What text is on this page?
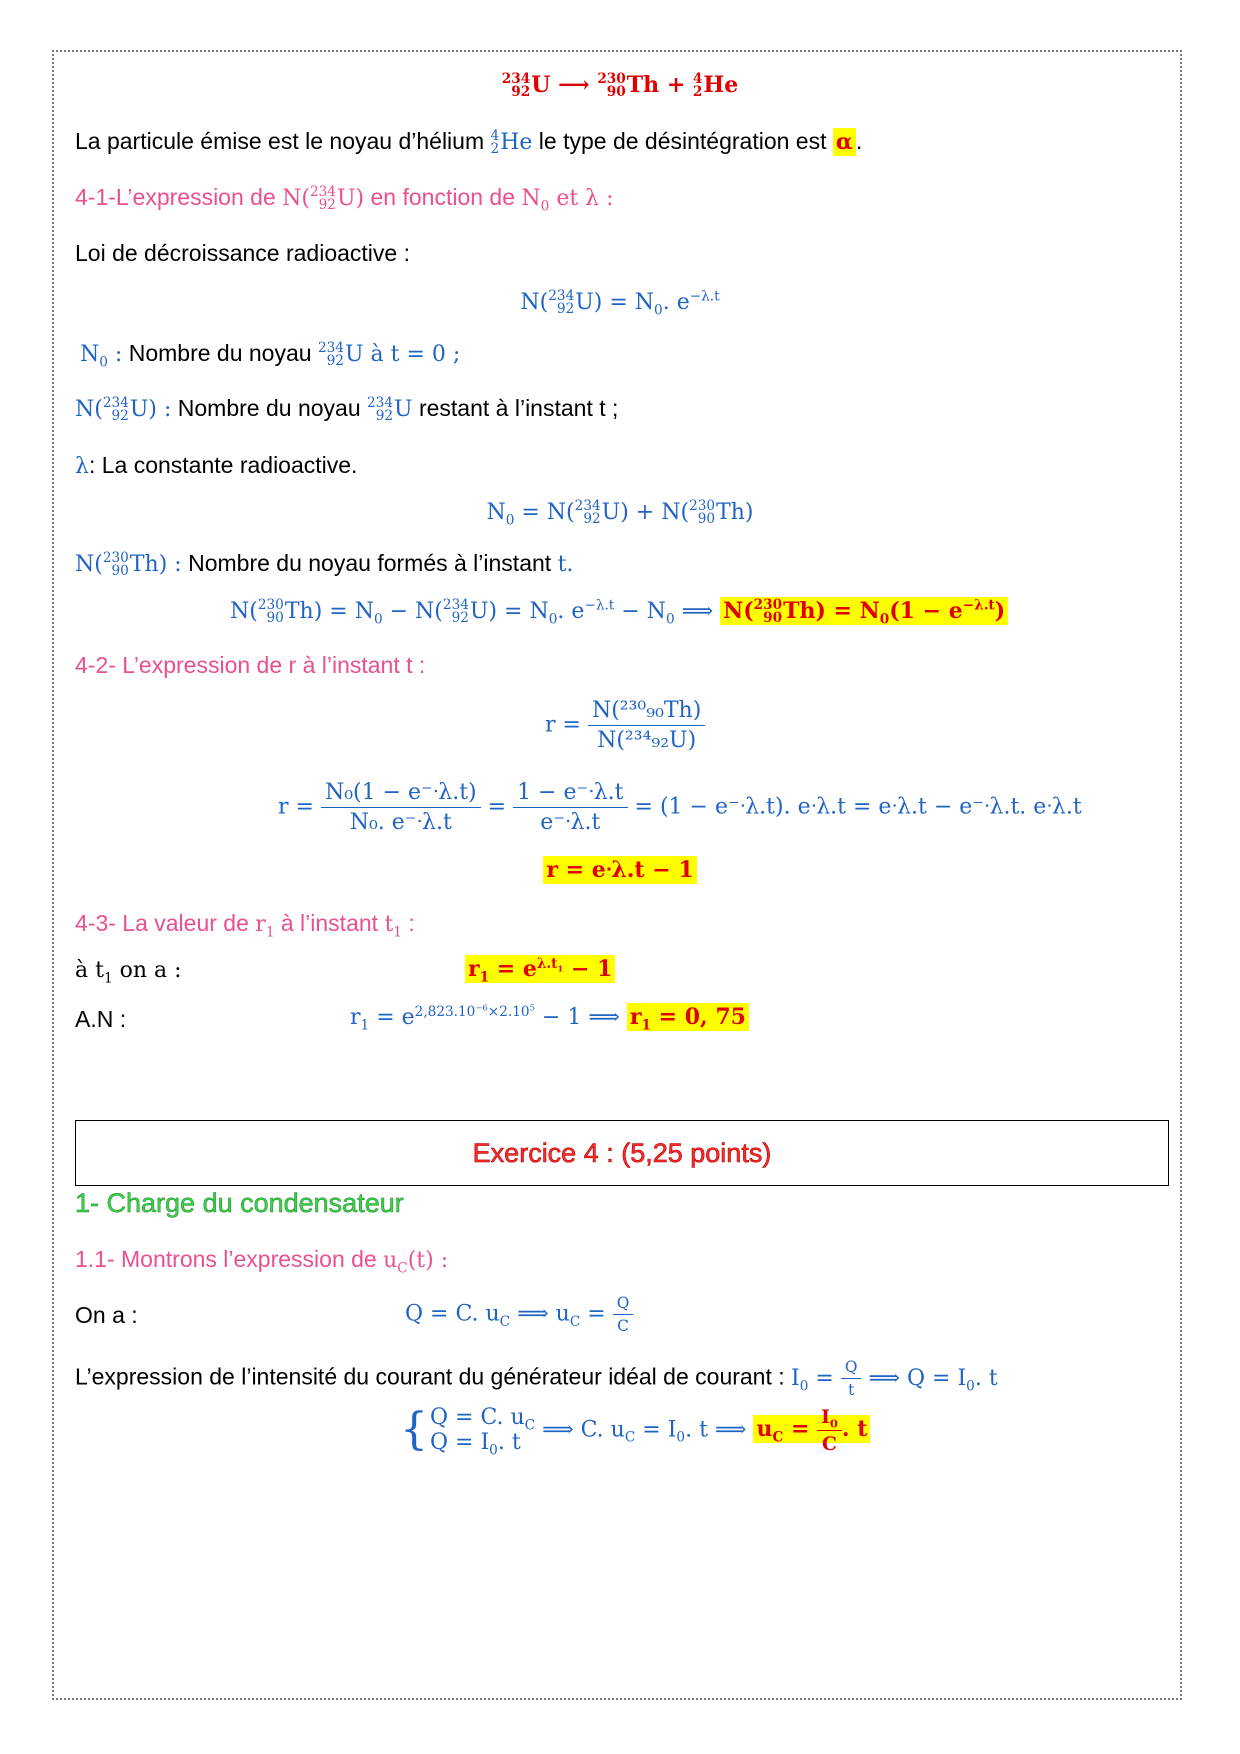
234
92 U ⟶ 230
90 Th + 4
2 He
La particule émise est le noyau d’hélium 4
2 He le type de désintégration est α .
4-1-L’expression de N( 234
92 U) en fonction de $N_0$ et λ :
Loi de décroissance radioactive :
N( 234
92 $U) = N_0$. $e^{-\lambda.t}$
$N_0$ : Nombre du noyau 234
92 U à t = 0 ;
N( 234
92 U) : Nombre du noyau 234
92 U restant à l’instant t ;
λ: La constante radioactive.
$N_0 = N$( 234
92 U) + N( 230
90 Th)
N( 230
90 Th) : Nombre du noyau formés à l’instant t.
N( 230
90 $Th) = N_0 - N$( 234
92 $U) = N_0$. $e^{-\lambda.t} - N_0$ ⟹ N( 230
90 $Th) = N_0(1 - e^{-\lambda.t})$
4-2- L’expression de r à l’instant t :
$r = \frac{\text{N(²³⁰₉₀Th)}}{\text{N(²³⁴₉₂U)}}$
$r = \frac{\text{N₀(1 − e⁻ᐧλ.t)}}{\text{N₀. e⁻ᐧλ.t}} = \frac{\text{1 − e⁻ᐧλ.t}}{\text{e⁻ᐧλ.t}} = (1$ − e⁻ᐧλ.t). eᐧλ.t = eᐧλ.t − e⁻ᐧλ.t. eᐧλ.t
r = eᐧλ.t − 1
4-3- La valeur de $r_1$ à l’instant $t_1$ :
à $t_1$ on a :	$r_1 = e^{\lambda.t_1} - 1$
A.N :	$r_1 = e^{2,823.10^{-6}\times 2.10^5} - 1$ ⟹ $r_1 = 0$, 75
Exercice 4 : (5,25 points)
1- Charge du condensateur
1.1- Montrons l’expression de $u_C(t)$ :
On a :	Q = C. $u_C$ ⟹ $u_C = \frac{Q}{C}$
L’expression de l’intensité du courant du générateur idéal de courant : $I_0 = \frac{Q}{t}$ ⟹ $Q = I_0$. t
{ Q = C. $u_C$
$Q = I_0$. t
⟹ C. $u_C = I_0$. t ⟹ $u_C = \frac{I_0}{C}$ . t
